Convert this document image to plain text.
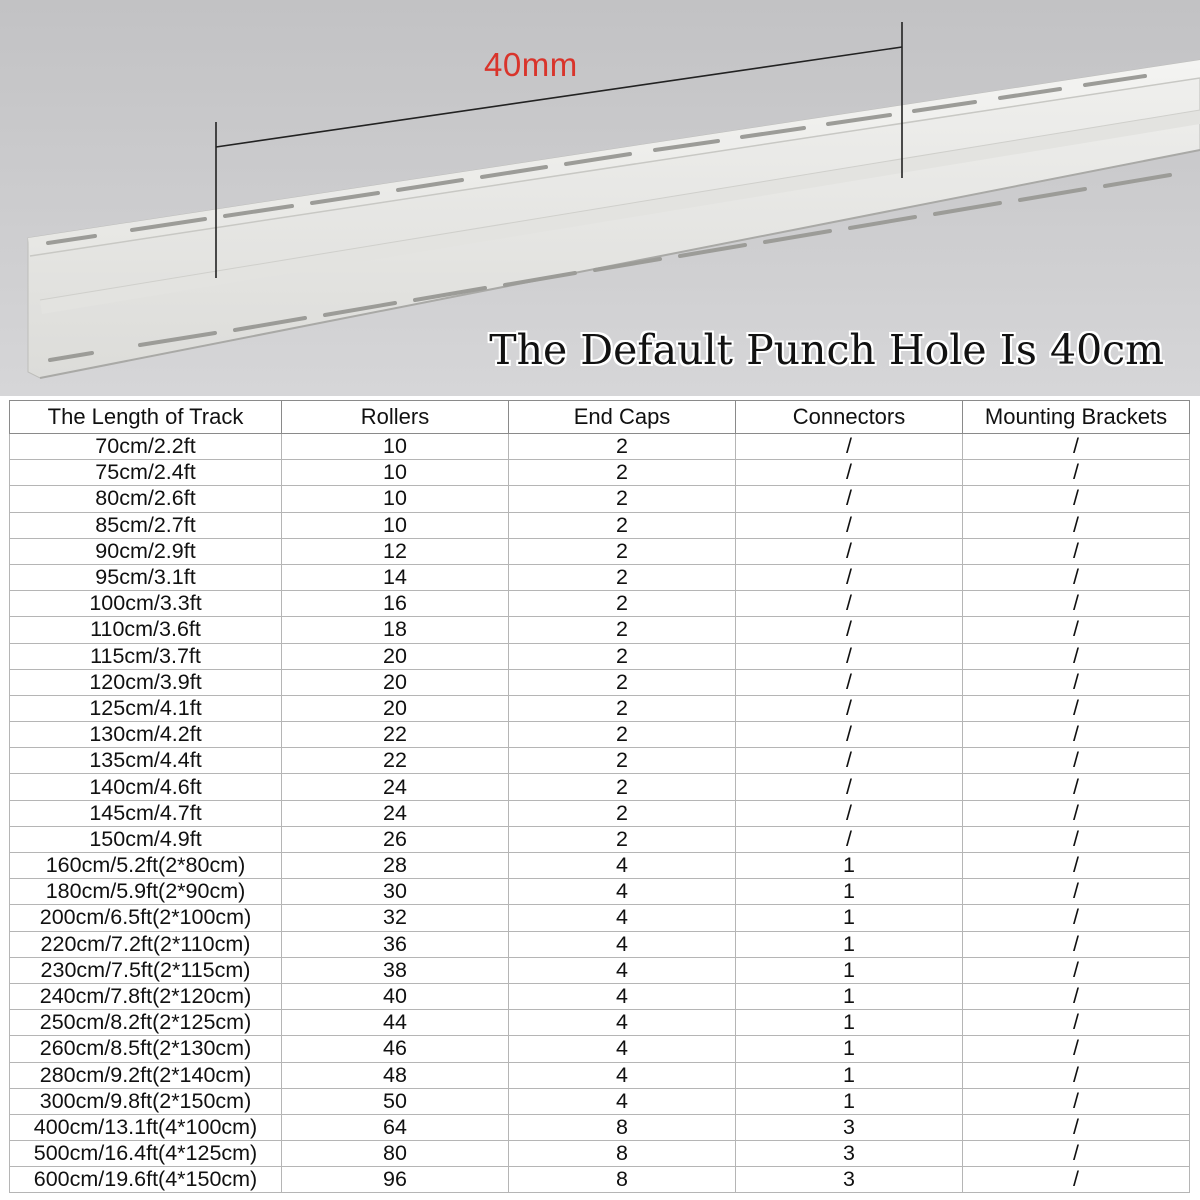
40mm
The Default Punch Hole Is 40cm
The Length of Track	Rollers	End Caps	Connectors	Mounting Brackets
70cm/2.2ft	10	2	/	/
75cm/2.4ft	10	2	/	/
80cm/2.6ft	10	2	/	/
85cm/2.7ft	10	2	/	/
90cm/2.9ft	12	2	/	/
95cm/3.1ft	14	2	/	/
100cm/3.3ft	16	2	/	/
110cm/3.6ft	18	2	/	/
115cm/3.7ft	20	2	/	/
120cm/3.9ft	20	2	/	/
125cm/4.1ft	20	2	/	/
130cm/4.2ft	22	2	/	/
135cm/4.4ft	22	2	/	/
140cm/4.6ft	24	2	/	/
145cm/4.7ft	24	2	/	/
150cm/4.9ft	26	2	/	/
160cm/5.2ft(2*80cm)	28	4	1	/
180cm/5.9ft(2*90cm)	30	4	1	/
200cm/6.5ft(2*100cm)	32	4	1	/
220cm/7.2ft(2*110cm)	36	4	1	/
230cm/7.5ft(2*115cm)	38	4	1	/
240cm/7.8ft(2*120cm)	40	4	1	/
250cm/8.2ft(2*125cm)	44	4	1	/
260cm/8.5ft(2*130cm)	46	4	1	/
280cm/9.2ft(2*140cm)	48	4	1	/
300cm/9.8ft(2*150cm)	50	4	1	/
400cm/13.1ft(4*100cm)	64	8	3	/
500cm/16.4ft(4*125cm)	80	8	3	/
600cm/19.6ft(4*150cm)	96	8	3	/
